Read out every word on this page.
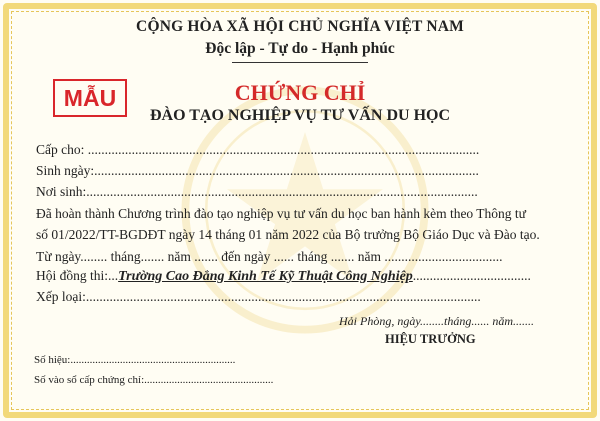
CỘNG HÒA XÃ HỘI CHỦ NGHĨA VIỆT NAM
Độc lập - Tự do - Hạnh phúc
MẪU	CHỨNG CHỈ
ĐÀO TẠO NGHIỆP VỤ TƯ VẤN DU HỌC
Cấp cho: ....................................................................................................................
Sinh ngày:..................................................................................................................
Nơi sinh:....................................................................................................................
Đã hoàn thành Chương trình đào tạo nghiệp vụ tư vấn du học ban hành kèm theo Thông tư
số 01/2022/TT-BGDĐT ngày 14 tháng 01 năm 2022 của Bộ trưởng Bộ Giáo Dục và Đào tạo.
Từ ngày........ tháng....... năm ....... đến ngày ...... tháng ....... năm ...................................
Hội đồng thi:...Trường Cao Đẳng Kinh Tế Kỹ Thuật Công Nghiệp...................................
Xếp loại:.....................................................................................................................
Hải Phòng, ngày........tháng...... năm.......
HIỆU TRƯỞNG
Số hiệu:............................................................
Số vào sổ cấp chứng chỉ:...............................................
